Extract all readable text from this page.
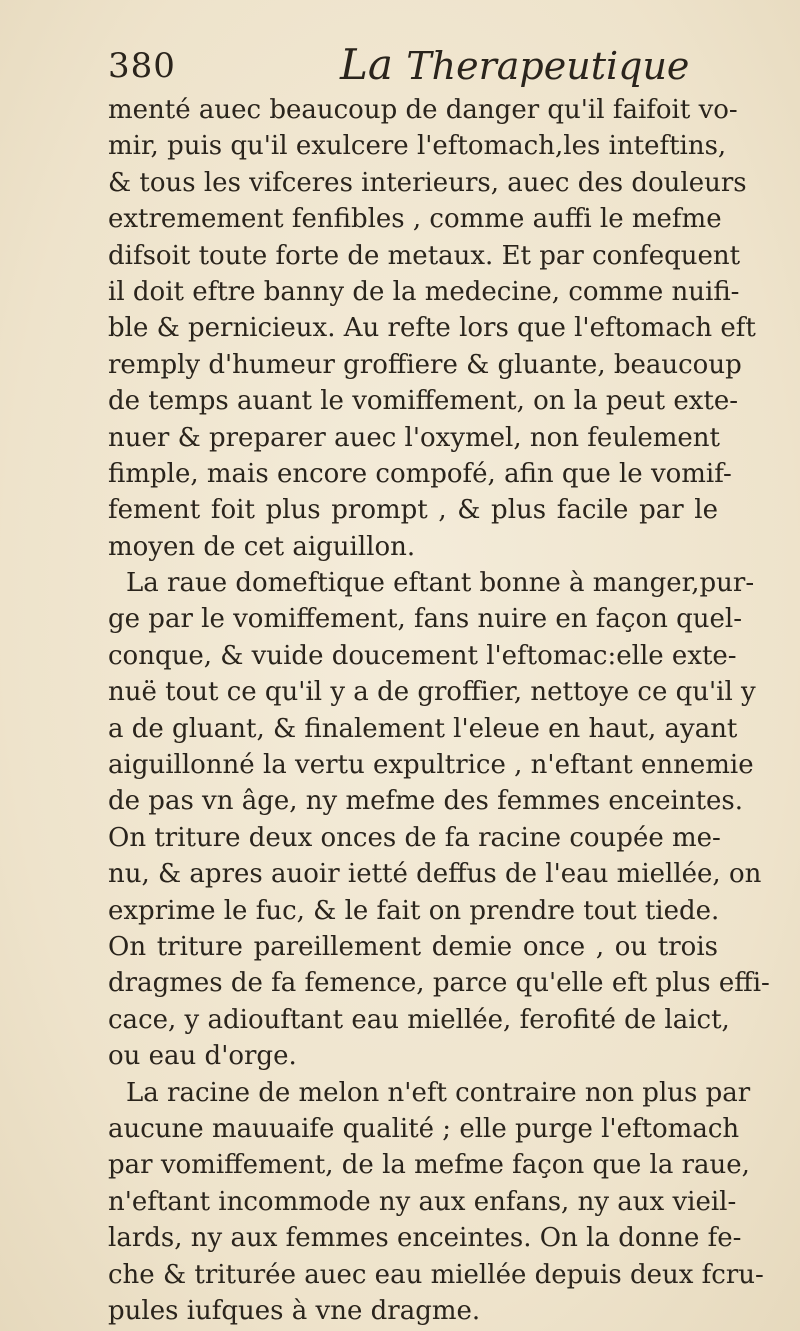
380	La Therapeutique
menté auec beaucoup de danger qu'il faifoit vo-
mir, puis qu'il exulcere l'eftomach,les inteftins,
& tous les vifceres interieurs, auec des douleurs
extremement fenfibles , comme auffi le mefme
difsoit toute forte de metaux. Et par confequent
il doit eftre banny de la medecine, comme nuifi-
ble & pernicieux. Au refte lors que l'eftomach eft
remply d'humeur groffiere & gluante, beaucoup
de temps auant le vomiffement, on la peut exte-
nuer & preparer auec l'oxymel, non feulement
fimple, mais encore compofé, afin que le vomif-
fement foit plus prompt , & plus facile par le
moyen de cet aiguillon.
La raue domeftique eftant bonne à manger,pur-
ge par le vomiffement, fans nuire en façon quel-
conque, & vuide doucement l'eftomac:elle exte-
nuë tout ce qu'il y a de groffier, nettoye ce qu'il y
a de gluant, & finalement l'eleue en haut, ayant
aiguillonné la vertu expultrice , n'eftant ennemie
de pas vn âge, ny mefme des femmes enceintes.
On triture deux onces de fa racine coupée me-
nu, & apres auoir ietté deffus de l'eau miellée, on
exprime le fuc, & le fait on prendre tout tiede.
On triture pareillement demie once , ou trois
dragmes de fa femence, parce qu'elle eft plus effi-
cace, y adiouftant eau miellée, ferofité de laict,
ou eau d'orge.
La racine de melon n'eft contraire non plus par
aucune mauuaife qualité ; elle purge l'eftomach
par vomiffement, de la mefme façon que la raue,
n'eftant incommode ny aux enfans, ny aux vieil-
lards, ny aux femmes enceintes. On la donne fe-
che & triturée auec eau miellée depuis deux fcru-
pules iufques à vne dragme.
